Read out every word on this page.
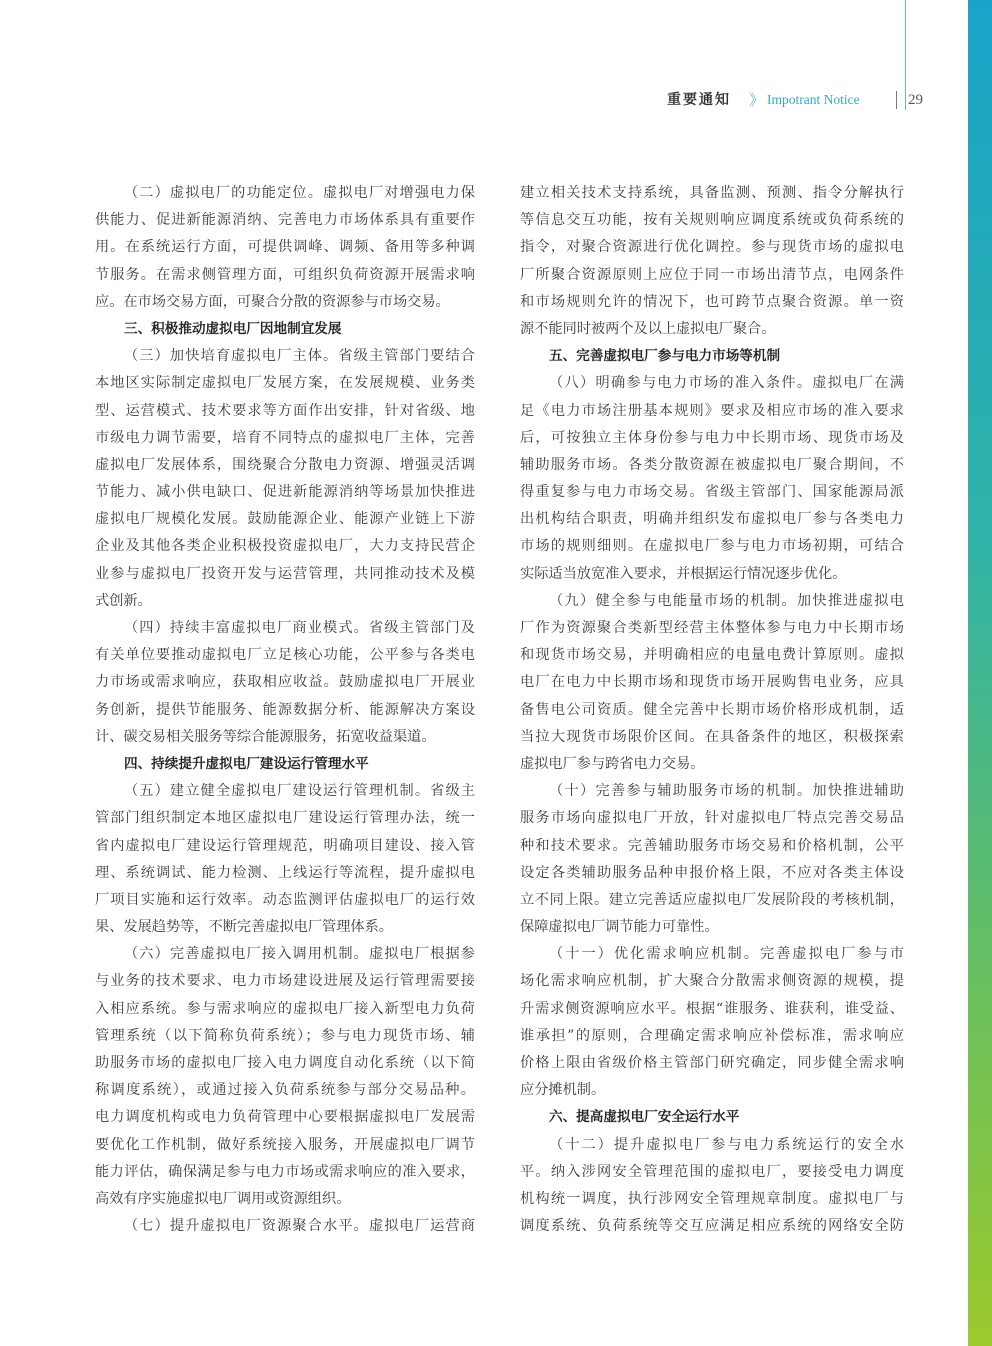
重要通知 》 Impotrant Notice	29
（二）虚拟电厂的功能定位。虚拟电厂对增强电力保
供能力、促进新能源消纳、完善电力市场体系具有重要作
用。在系统运行方面，可提供调峰、调频、备用等多种调
节服务。在需求侧管理方面，可组织负荷资源开展需求响
应。在市场交易方面，可聚合分散的资源参与市场交易。
三、积极推动虚拟电厂因地制宜发展
（三）加快培育虚拟电厂主体。省级主管部门要结合
本地区实际制定虚拟电厂发展方案，在发展规模、业务类
型、运营模式、技术要求等方面作出安排，针对省级、地
市级电力调节需要，培育不同特点的虚拟电厂主体，完善
虚拟电厂发展体系，围绕聚合分散电力资源、增强灵活调
节能力、减小供电缺口、促进新能源消纳等场景加快推进
虚拟电厂规模化发展。鼓励能源企业、能源产业链上下游
企业及其他各类企业积极投资虚拟电厂，大力支持民营企
业参与虚拟电厂投资开发与运营管理，共同推动技术及模
式创新。
（四）持续丰富虚拟电厂商业模式。省级主管部门及
有关单位要推动虚拟电厂立足核心功能，公平参与各类电
力市场或需求响应，获取相应收益。鼓励虚拟电厂开展业
务创新，提供节能服务、能源数据分析、能源解决方案设
计、碳交易相关服务等综合能源服务，拓宽收益渠道。
四、持续提升虚拟电厂建设运行管理水平
（五）建立健全虚拟电厂建设运行管理机制。省级主
管部门组织制定本地区虚拟电厂建设运行管理办法，统一
省内虚拟电厂建设运行管理规范，明确项目建设、接入管
理、系统调试、能力检测、上线运行等流程，提升虚拟电
厂项目实施和运行效率。动态监测评估虚拟电厂的运行效
果、发展趋势等，不断完善虚拟电厂管理体系。
（六）完善虚拟电厂接入调用机制。虚拟电厂根据参
与业务的技术要求、电力市场建设进展及运行管理需要接
入相应系统。参与需求响应的虚拟电厂接入新型电力负荷
管理系统（以下简称负荷系统）；参与电力现货市场、辅
助服务市场的虚拟电厂接入电力调度自动化系统（以下简
称调度系统），或通过接入负荷系统参与部分交易品种。
电力调度机构或电力负荷管理中心要根据虚拟电厂发展需
要优化工作机制，做好系统接入服务，开展虚拟电厂调节
能力评估，确保满足参与电力市场或需求响应的准入要求，
高效有序实施虚拟电厂调用或资源组织。
（七）提升虚拟电厂资源聚合水平。虚拟电厂运营商
建立相关技术支持系统，具备监测、预测、指令分解执行
等信息交互功能，按有关规则响应调度系统或负荷系统的
指令，对聚合资源进行优化调控。参与现货市场的虚拟电
厂所聚合资源原则上应位于同一市场出清节点，电网条件
和市场规则允许的情况下，也可跨节点聚合资源。单一资
源不能同时被两个及以上虚拟电厂聚合。
五、完善虚拟电厂参与电力市场等机制
（八）明确参与电力市场的准入条件。虚拟电厂在满
足《电力市场注册基本规则》要求及相应市场的准入要求
后，可按独立主体身份参与电力中长期市场、现货市场及
辅助服务市场。各类分散资源在被虚拟电厂聚合期间，不
得重复参与电力市场交易。省级主管部门、国家能源局派
出机构结合职责，明确并组织发布虚拟电厂参与各类电力
市场的规则细则。在虚拟电厂参与电力市场初期，可结合
实际适当放宽准入要求，并根据运行情况逐步优化。
（九）健全参与电能量市场的机制。加快推进虚拟电
厂作为资源聚合类新型经营主体整体参与电力中长期市场
和现货市场交易，并明确相应的电量电费计算原则。虚拟
电厂在电力中长期市场和现货市场开展购售电业务，应具
备售电公司资质。健全完善中长期市场价格形成机制，适
当拉大现货市场限价区间。在具备条件的地区，积极探索
虚拟电厂参与跨省电力交易。
（十）完善参与辅助服务市场的机制。加快推进辅助
服务市场向虚拟电厂开放，针对虚拟电厂特点完善交易品
种和技术要求。完善辅助服务市场交易和价格机制，公平
设定各类辅助服务品种申报价格上限，不应对各类主体设
立不同上限。建立完善适应虚拟电厂发展阶段的考核机制，
保障虚拟电厂调节能力可靠性。
（十一）优化需求响应机制。完善虚拟电厂参与市
场化需求响应机制，扩大聚合分散需求侧资源的规模，提
升需求侧资源响应水平。根据“谁服务、谁获利，谁受益、
谁承担”的原则，合理确定需求响应补偿标准，需求响应
价格上限由省级价格主管部门研究确定，同步健全需求响
应分摊机制。
六、提高虚拟电厂安全运行水平
（十二）提升虚拟电厂参与电力系统运行的安全水
平。纳入涉网安全管理范围的虚拟电厂，要接受电力调度
机构统一调度，执行涉网安全管理规章制度。虚拟电厂与
调度系统、负荷系统等交互应满足相应系统的网络安全防
